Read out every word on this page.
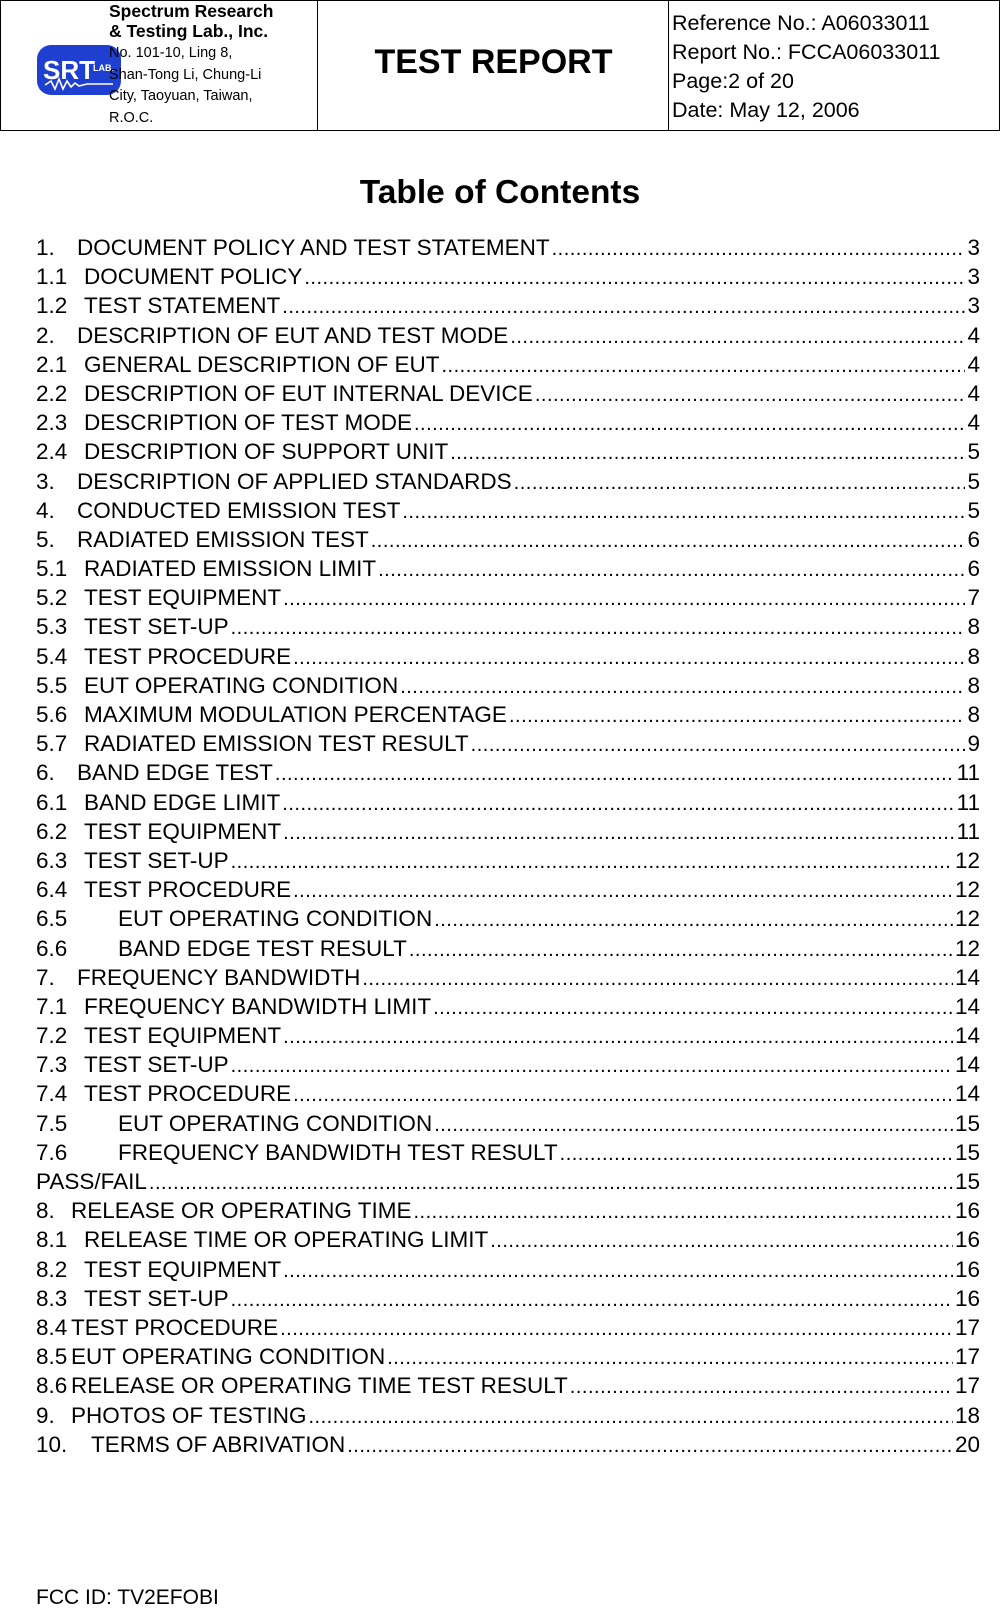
SRT
LAB.
Spectrum Research
& Testing Lab., Inc.
No. 101-10, Ling 8,
Shan-Tong Li, Chung-Li
City, Taoyuan, Taiwan,
R.O.C.
TEST REPORT
Reference No.: A06033011
Report No.: FCCA06033011
Page:2 of 20
Date: May 12, 2006
Table of Contents
1. DOCUMENT POLICY AND TEST STATEMENT .....	3
1.1 DOCUMENT POLICY .....	3
1.2 TEST STATEMENT .....	3
2. DESCRIPTION OF EUT AND TEST MODE .....	4
2.1 GENERAL DESCRIPTION OF EUT .....	4
2.2 DESCRIPTION OF EUT INTERNAL DEVICE .....	4
2.3 DESCRIPTION OF TEST MODE .....	4
2.4 DESCRIPTION OF SUPPORT UNIT .....	5
3. DESCRIPTION OF APPLIED STANDARDS .....	5
4. CONDUCTED EMISSION TEST .....	5
5. RADIATED EMISSION TEST .....	6
5.1 RADIATED EMISSION LIMIT .....	6
5.2 TEST EQUIPMENT .....	7
5.3 TEST SET-UP .....	8
5.4 TEST PROCEDURE .....	8
5.5 EUT OPERATING CONDITION .....	8
5.6 MAXIMUM MODULATION PERCENTAGE .....	8
5.7 RADIATED EMISSION TEST RESULT .....	9
6. BAND EDGE TEST .....	11
6.1 BAND EDGE LIMIT .....	11
6.2 TEST EQUIPMENT .....	11
6.3 TEST SET-UP .....	12
6.4 TEST PROCEDURE .....	12
6.5	EUT OPERATING CONDITION .....	12
6.6	BAND EDGE TEST RESULT .....	12
7. FREQUENCY BANDWIDTH .....	14
7.1 FREQUENCY BANDWIDTH LIMIT .....	14
7.2 TEST EQUIPMENT .....	14
7.3 TEST SET-UP .....	14
7.4 TEST PROCEDURE .....	14
7.5	EUT OPERATING CONDITION .....	15
7.6	FREQUENCY BANDWIDTH TEST RESULT .....	15
PASS/FAIL .....	15
8. RELEASE OR OPERATING TIME .....	16
8.1 RELEASE TIME OR OPERATING LIMIT .....	16
8.2 TEST EQUIPMENT .....	16
8.3 TEST SET-UP .....	16
8.4 TEST PROCEDURE .....	17
8.5 EUT OPERATING CONDITION .....	17
8.6 RELEASE OR OPERATING TIME TEST RESULT .....	17
9. PHOTOS OF TESTING .....	18
10.	TERMS OF ABRIVATION .....	20
FCC ID: TV2EFOBI
